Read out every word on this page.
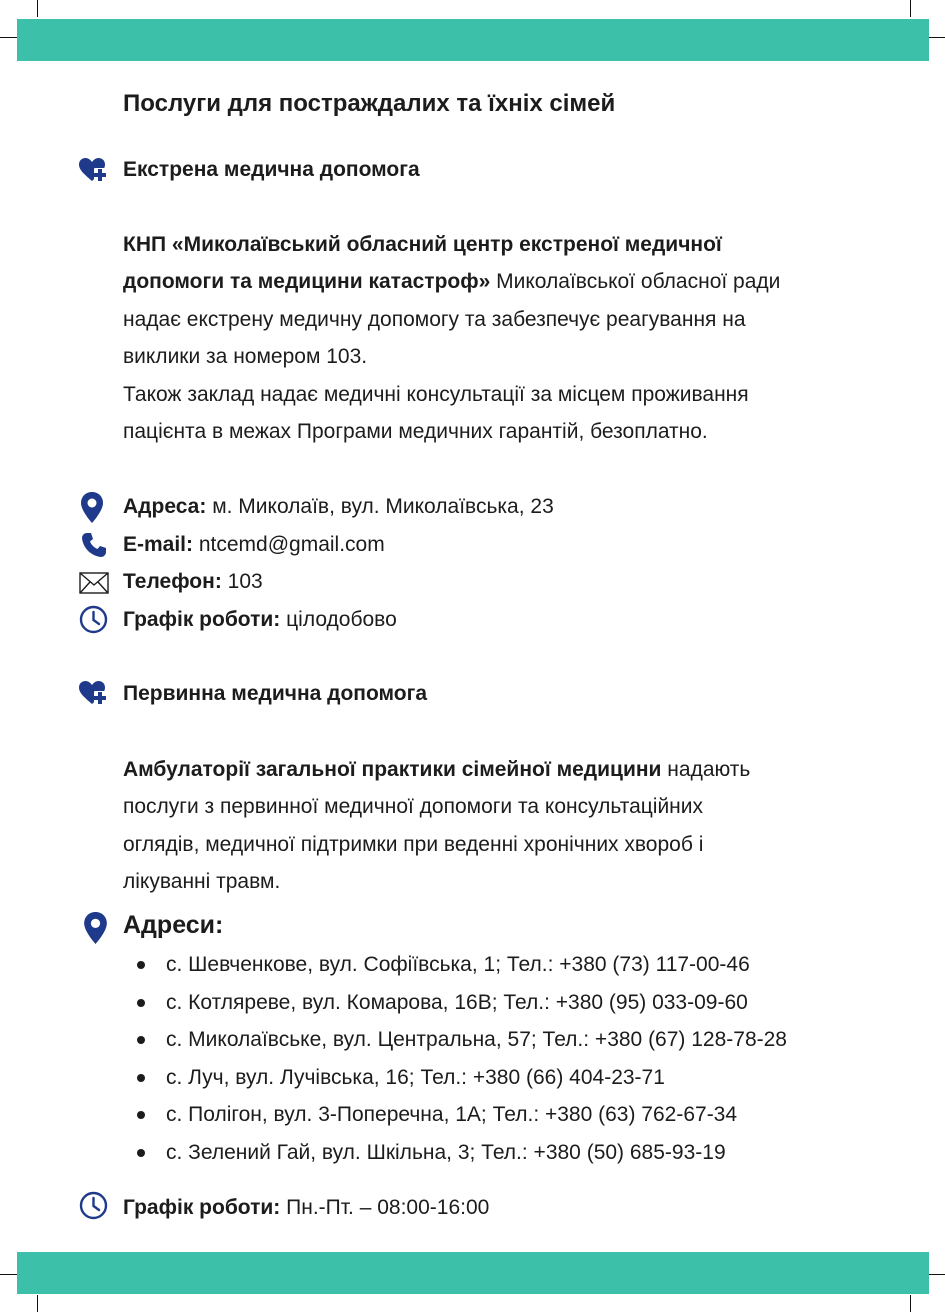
Послуги для постраждалих та їхніх сімей
Екстрена медична допомога
КНП «Миколаївський обласний центр екстреної медичної
допомоги та медицини катастроф» Миколаївської обласної ради
надає екстрену медичну допомогу та забезпечує реагування на
виклики за номером 103.
Також заклад надає медичні консультації за місцем проживання
пацієнта в межах Програми медичних гарантій, безоплатно.
Адреса: м. Миколаїв, вул. Миколаївська, 23
E-mail: ntcemd@gmail.com
Телефон: 103
Графік роботи: цілодобово
Первинна медична допомога
Амбулаторії загальної практики сімейної медицини надають
послуги з первинної медичної допомоги та консультаційних
оглядів, медичної підтримки при веденні хронічних хвороб і
лікуванні травм.
Адреси:
с. Шевченкове, вул. Софіївська, 1; Тел.: +380 (73) 117-00-46
с. Котляреве, вул. Комарова, 16В; Тел.: +380 (95) 033-09-60
с. Миколаївське, вул. Центральна, 57; Тел.: +380 (67) 128-78-28
с. Луч, вул. Лучівська, 16; Тел.: +380 (66) 404-23-71
с. Полігон, вул. 3-Поперечна, 1А; Тел.: +380 (63) 762-67-34
с. Зелений Гай, вул. Шкільна, 3; Тел.: +380 (50) 685-93-19
Графік роботи: Пн.-Пт. – 08:00-16:00
